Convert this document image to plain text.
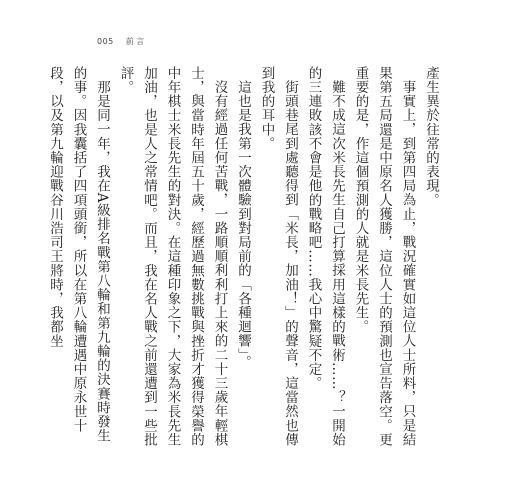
005 前言

產生異於往常的表現。

事實上，到第四局為止，戰況確實如這位人士所料，只是結果第五局還是中原名人獲勝，這位人士的預測也宣告落空。更重要的是，作這個預測的人就是米長先生。

難不成這次米長先生自己打算採用這樣的戰術……？一開始的三連敗該不會是他的戰略吧……我心中驚疑不定。

街頭巷尾到處聽得到「米長，加油！」的聲音，這當然也傳到我的耳中。

這也是我第一次體驗到對局前的「各種迴響」。

沒有經過任何苦戰，一路順順利利打上來的二十三歲年輕棋士，與當時年屆五十歲，經歷過無數挑戰與挫折才獲得榮譽的中年棋士米長先生的對決。在這種印象之下，大家為米長先生加油，也是人之常情吧。而且，我在名人戰之前還遭到一些批評。

那是同一年，我在A級排名戰第八輪和第九輪的決賽時發生的事。因我囊括了四項頭銜，所以在第八輪遭遇中原永世十段，以及第九輪迎戰谷川浩司王將時，我都坐
